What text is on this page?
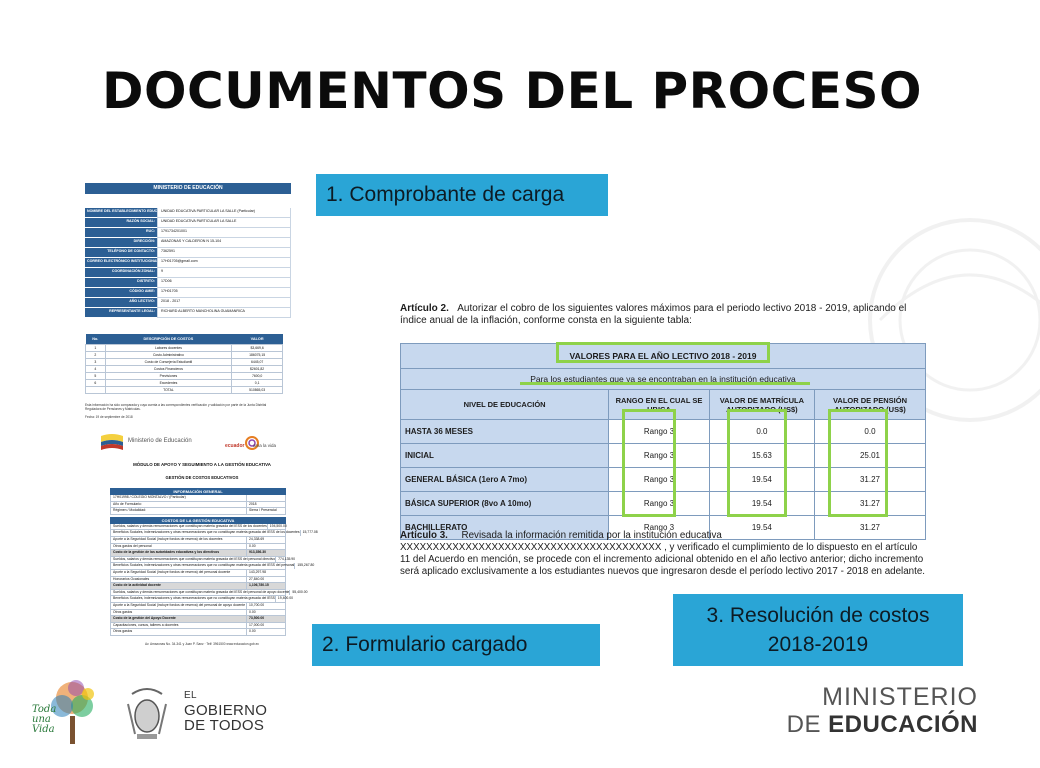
DOCUMENTOS DEL PROCESO
MINISTERIO DE EDUCACIÓN
NOMBRE DEL ESTABLECIMIENTO EDUCATIVO:
UNIDAD EDUCATIVA PARTICULAR LA SALLE (Particular)
RAZÓN SOCIAL:	UNIDAD EDUCATIVA PARTICULAR LA SALLE
RUC:	1791734201001
DIRECCIÓN:	AMAZONAS Y CALDERON N 15-104
TELÉFONO DE CONTACTO:	7362591
CORREO ELECTRÓNICO INSTITUCIONAL: 17H01705@gmail.com
COORDINACIÓN ZONAL:	9
DISTRITO:	17D06
CÓDIGO AMIE:	17H01705
AÑO LECTIVO:	2018 - 2017
REPRESENTANTE LEGAL:	RICHARD ALBERTO MANCHOLINA GUAMANRICA
No.	DESCRIPCIÓN DE COSTOS	VALOR
1	Labores docentes	$3,669,6
2	Costo Administrativo	186075,15
3	Costo de Consejería Estudiantil	6445,07
4	Costos Financieros	$2601,82
5	Previsiones	7600,0
6	Excedentes	0,1
	TOTAL	510865,03
Esta información ha sido comparada y cuya cuenta a las correspondientes verificación y validación por parte de la Junta Distrital Reguladora de Pensiones y Matrículas.
Fecha: 19 de septiembre de 2018
Ministerio de Educación
ecuador ama la vida
MÓDULO DE APOYO Y SEGUIMIENTO A LA GESTIÓN EDUCATIVA
GESTIÓN DE COSTOS EDUCATIVOS
INFORMACIÓN GENERAL
17H01998 / COLEGIO MONTALVO / (Particular)
Año de Formulario:	2018
Régimen / Modalidad:	Sierra / Presencial
COSTOS DE LA GESTIÓN EDUCATIVA
Sueldos, salarios y demás remuneraciones que constituyan materia gravada del IESS de los docentes 194,500.00
Beneficios Sociales, indemnizaciones y otras remuneraciones que no constituyan materia gravada del IESS de los docentes 15,777.08
Aporte a la Seguridad Social (incluye fondos de reserva) de los docentes	24,338.69
Otros gastos del personal	0.00
Costo de la gestión de las autoridades educativas y los directivos	913,356.30
Sueldos, salarios y demás remuneraciones que constituyan materia gravada del IESS del personal directivo 774,135.90
Beneficios Sociales, indemnizaciones y otras remuneraciones que no constituyan materia gravada del IESS del personal 155,267.80
Aporte a la Seguridad Social (incluye fondos de reserva) del personal docente	143,297.98
Honorarios Ocasionales	27,840.00
Costo de la actividad docente	1,106,780.15
Sueldos, salarios y demás remuneraciones que constituyan materia gravada del IESS del personal de apoyo docente 55,400.00
Beneficios Sociales, indemnizaciones y otras remuneraciones que no constituyan materia gravada del IESS 19,400.00
Aporte a la Seguridad Social (incluye fondos de reserva) del personal de apoyo docente	10,700.00
Otros gastos	0.00
Costo de la gestión del Apoyo Docente	73,500.00
Capacitaciones, cursos, talleres a docentes	17,000.00
Otros gastos	0.00
Av. Amazonas No. 34-341 y Juan P. Sanz · Telf: 3961500 www.educacion.gob.ec
Artículo 2. Autorizar el cobro de los siguientes valores máximos para el periodo lectivo 2018 - 2019, aplicando el índice anual de la inflación, conforme consta en la siguiente tabla:
VALORES PARA EL AÑO LECTIVO 2018 - 2019			
Para los estudiantes que ya se encontraban en la institución educativa			
NIVEL DE EDUCACIÓN	RANGO EN EL CUAL SE UBICA	VALOR DE MATRÍCULA AUTORIZADO (US$)	VALOR DE PENSIÓN AUTORIZADO (US$)
HASTA 36 MESES	Rango 3	0.0	0.0
INICIAL	Rango 3	15.63	25.01
GENERAL BÁSICA (1ero A 7mo)	Rango 3	19.54	31.27
BÁSICA SUPERIOR (8vo A 10mo)	Rango 3	19.54	31.27
BACHILLERATO	Rango 3	19.54	31.27
Artículo 3. Revisada la información remitida por la institución educativa XXXXXXXXXXXXXXXXXXXXXXXXXXXXXXXXXXXXXXXX , y verificado el cumplimiento de lo dispuesto en el artículo 11 del Acuerdo en mención, se procede con el incremento adicional obtenido en el año lectivo anterior; dicho incremento será aplicado exclusivamente a los estudiantes nuevos que ingresaron desde el período lectivo 2017 - 2018 en adelante.
1. Comprobante de carga
2. Formulario cargado
3. Resolución de costos
2018-2019
Toda
una
Vida
EL
GOBIERNO
DE TODOS
MINISTERIO
DE EDUCACIÓN
